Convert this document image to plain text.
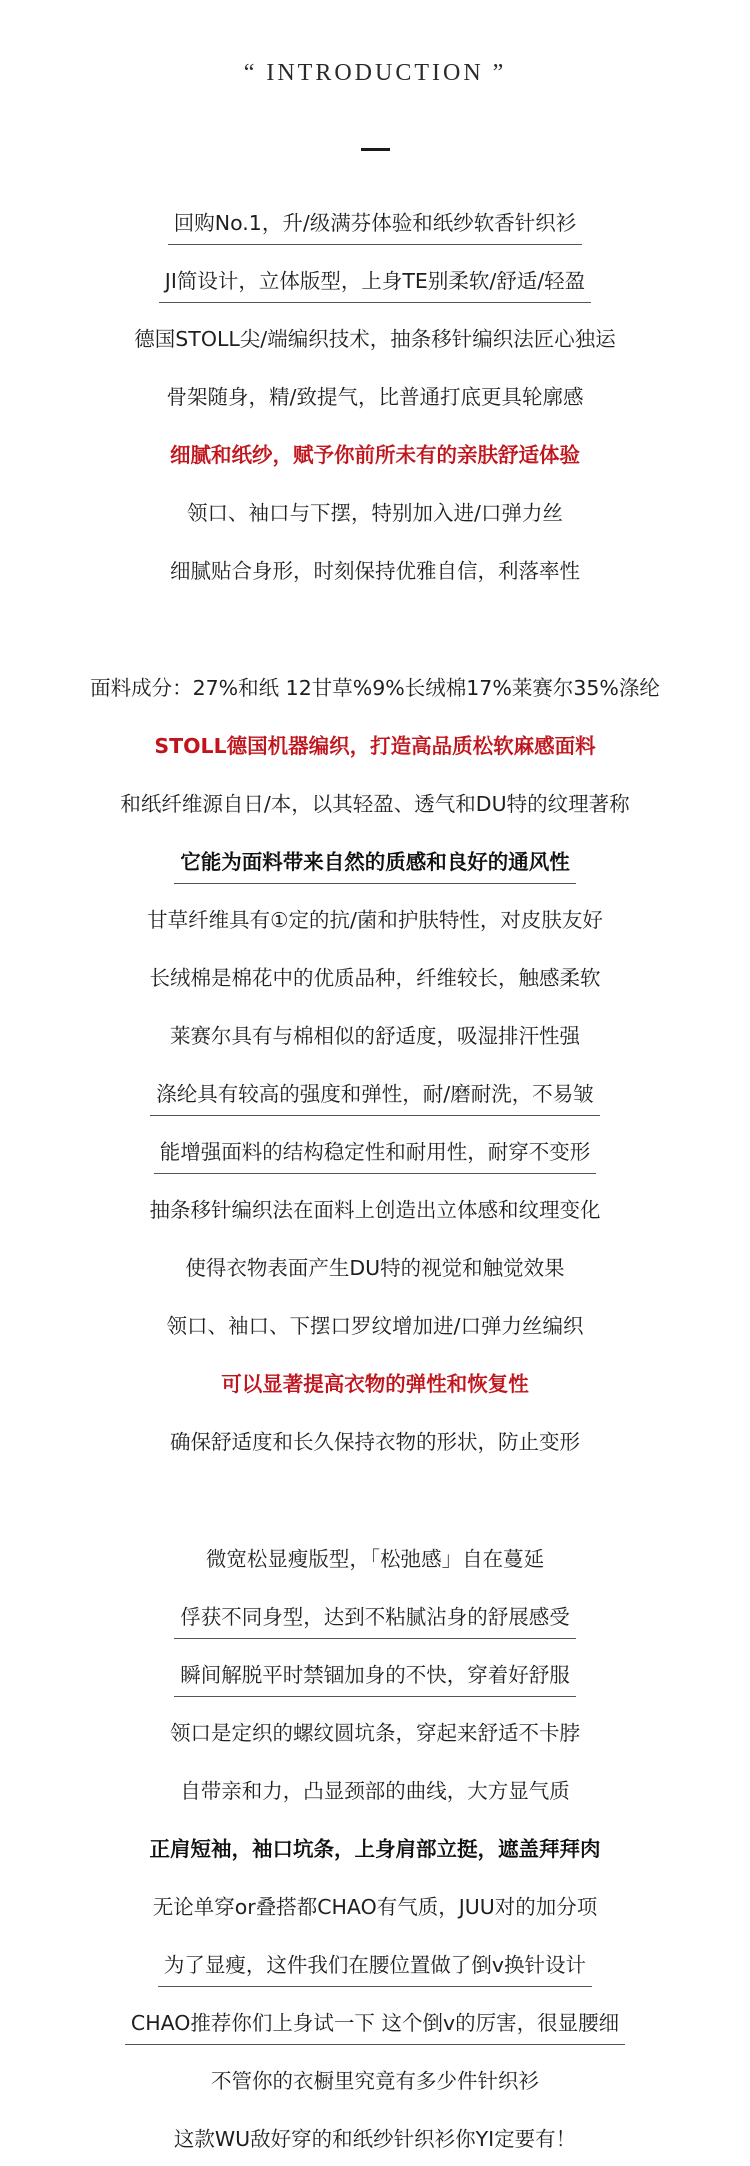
“ INTRODUCTION ”
回购No.1，升/级满芬体验和纸纱软香针织衫
JI简设计，立体版型，上身TE别柔软/舒适/轻盈
德国STOLL尖/端编织技术，抽条移针编织法匠心独运
骨架随身，精/致提气，比普通打底更具轮廓感
细腻和纸纱，赋予你前所未有的亲肤舒适体验
领口、袖口与下摆，特别加入进/口弹力丝
细腻贴合身形，时刻保持优雅自信，利落率性
面料成分：27%和纸 12甘草%9%长绒棉17%莱赛尔35%涤纶
STOLL德国机器编织，打造高品质松软麻感面料
和纸纤维源自日/本，以其轻盈、透气和DU特的纹理著称
它能为面料带来自然的质感和良好的通风性
甘草纤维具有①定的抗/菌和护肤特性，对皮肤友好
长绒棉是棉花中的优质品种，纤维较长，触感柔软
莱赛尔具有与棉相似的舒适度，吸湿排汗性强
涤纶具有较高的强度和弹性，耐/磨耐洗，不易皱
能增强面料的结构稳定性和耐用性，耐穿不变形
抽条移针编织法在面料上创造出立体感和纹理变化
使得衣物表面产生DU特的视觉和触觉效果
领口、袖口、下摆口罗纹增加进/口弹力丝编织
可以显著提高衣物的弹性和恢复性
确保舒适度和长久保持衣物的形状，防止变形
微宽松显瘦版型，「松弛感」自在蔓延
俘获不同身型，达到不粘腻沾身的舒展感受
瞬间解脱平时禁锢加身的不快，穿着好舒服
领口是定织的螺纹圆坑条，穿起来舒适不卡脖
自带亲和力，凸显颈部的曲线，大方显气质
正肩短袖，袖口坑条，上身肩部立挺，遮盖拜拜肉
无论单穿or叠搭都CHAO有气质，JUU对的加分项
为了显瘦，这件我们在腰位置做了倒v换针设计
CHAO推荐你们上身试一下 这个倒v的厉害，很显腰细
不管你的衣橱里究竟有多少件针织衫
这款WU敌好穿的和纸纱针织衫你YI定要有！
